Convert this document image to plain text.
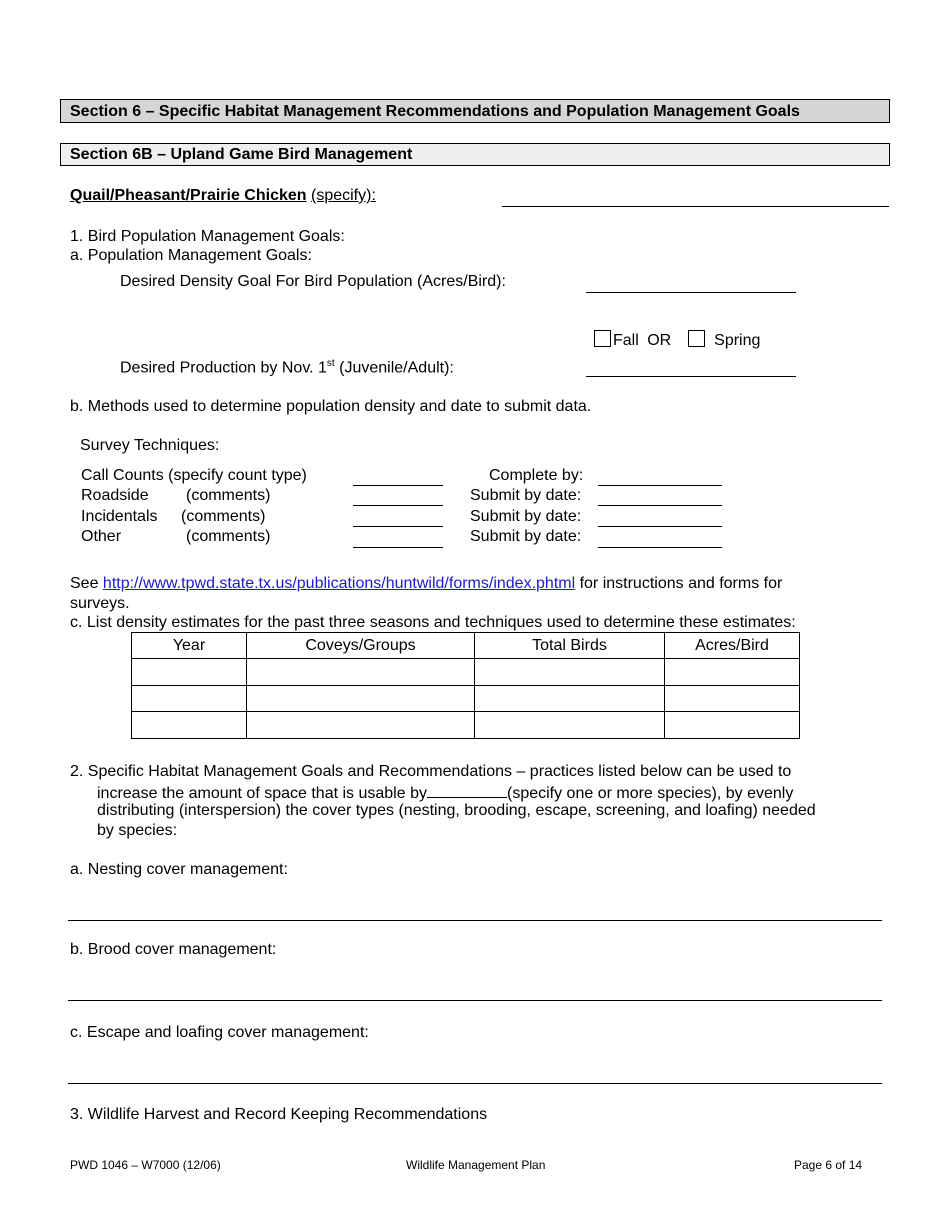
Section 6 – Specific Habitat Management Recommendations and Population Management Goals
Section 6B – Upland Game Bird Management
Quail/Pheasant/Prairie Chicken (specify):
1. Bird Population Management Goals:
a. Population Management Goals:
Desired Density Goal For Bird Population (Acres/Bird):
Fall OR	Spring
Desired Production by Nov. 1st (Juvenile/Adult):
b. Methods used to determine population density and date to submit data.
Survey Techniques:
Call Counts (specify count type)	Complete by:
Roadside (comments)	Submit by date:
Incidentals (comments)	Submit by date:
Other	(comments)	Submit by date:
See http://www.tpwd.state.tx.us/publications/huntwild/forms/index.phtml for instructions and forms for
surveys.
c. List density estimates for the past three seasons and techniques used to determine these estimates:
Year	Coveys/Groups	Total Birds	Acres/Bird

2. Specific Habitat Management Goals and Recommendations – practices listed below can be used to
increase the amount of space that is usable by	(specify one or more species), by evenly
distributing (interspersion) the cover types (nesting, brooding, escape, screening, and loafing) needed
by species:
a. Nesting cover management:
b. Brood cover management:
c. Escape and loafing cover management:
3. Wildlife Harvest and Record Keeping Recommendations
PWD 1046 – W7000 (12/06)	Wildlife Management Plan	Page 6 of 14
